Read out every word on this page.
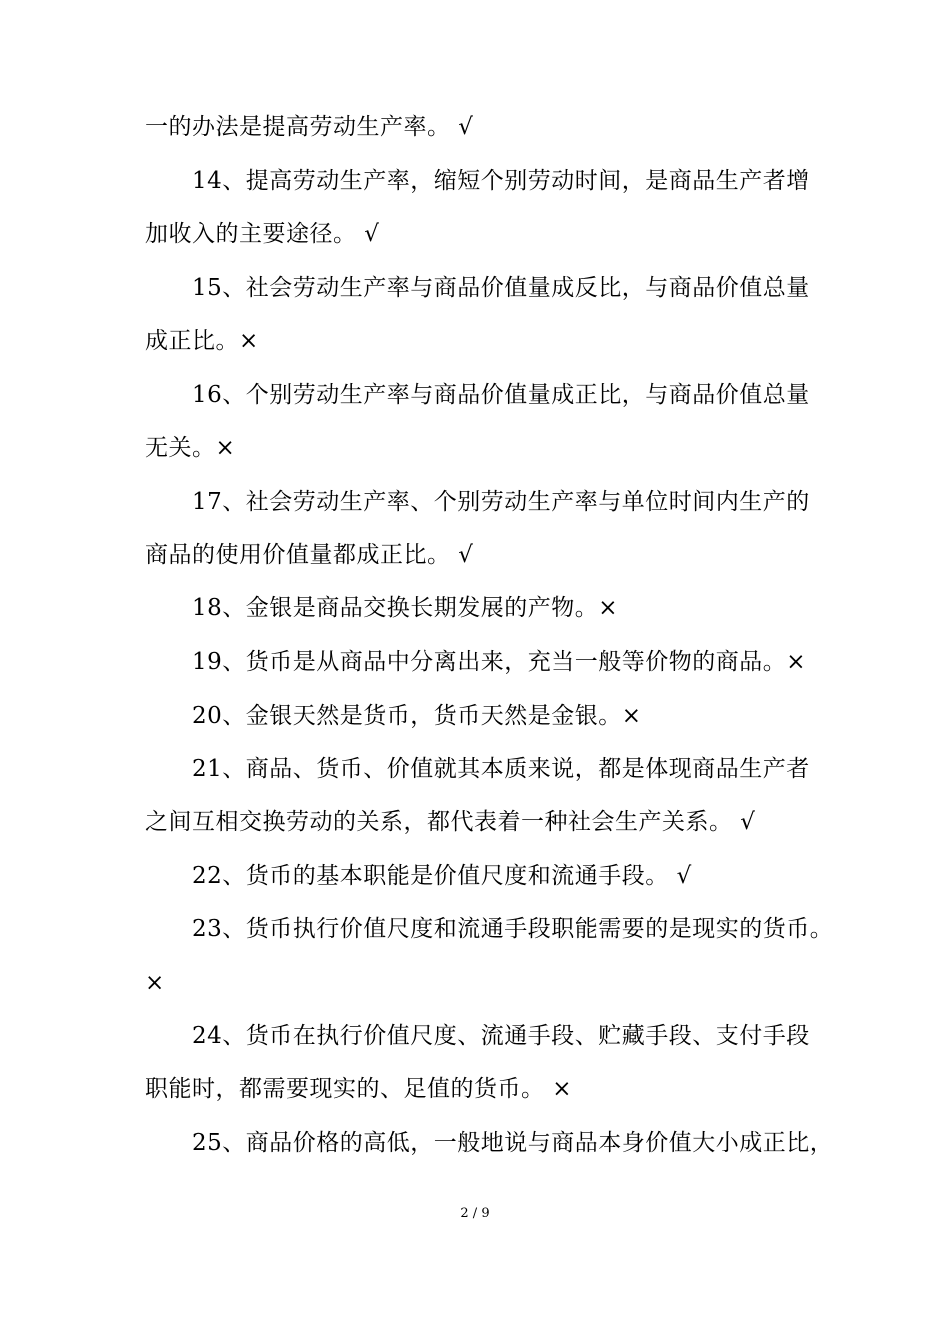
一的办法是提高劳动生产率。 √
14、提高劳动生产率，缩短个别劳动时间，是商品生产者增
加收入的主要途径。 √
15、社会劳动生产率与商品价值量成反比，与商品价值总量
成正比。×
16、个别劳动生产率与商品价值量成正比，与商品价值总量
无关。×
17、社会劳动生产率、个别劳动生产率与单位时间内生产的
商品的使用价值量都成正比。 √
18、金银是商品交换长期发展的产物。×
19、货币是从商品中分离出来，充当一般等价物的商品。×
20、金银天然是货币，货币天然是金银。×
21、商品、货币、价值就其本质来说，都是体现商品生产者
之间互相交换劳动的关系，都代表着一种社会生产关系。 √
22、货币的基本职能是价值尺度和流通手段。 √
23、货币执行价值尺度和流通手段职能需要的是现实的货币。
×
24、货币在执行价值尺度、流通手段、贮藏手段、支付手段
职能时，都需要现实的、足值的货币。 ×
25、商品价格的高低，一般地说与商品本身价值大小成正比，
2 / 9
